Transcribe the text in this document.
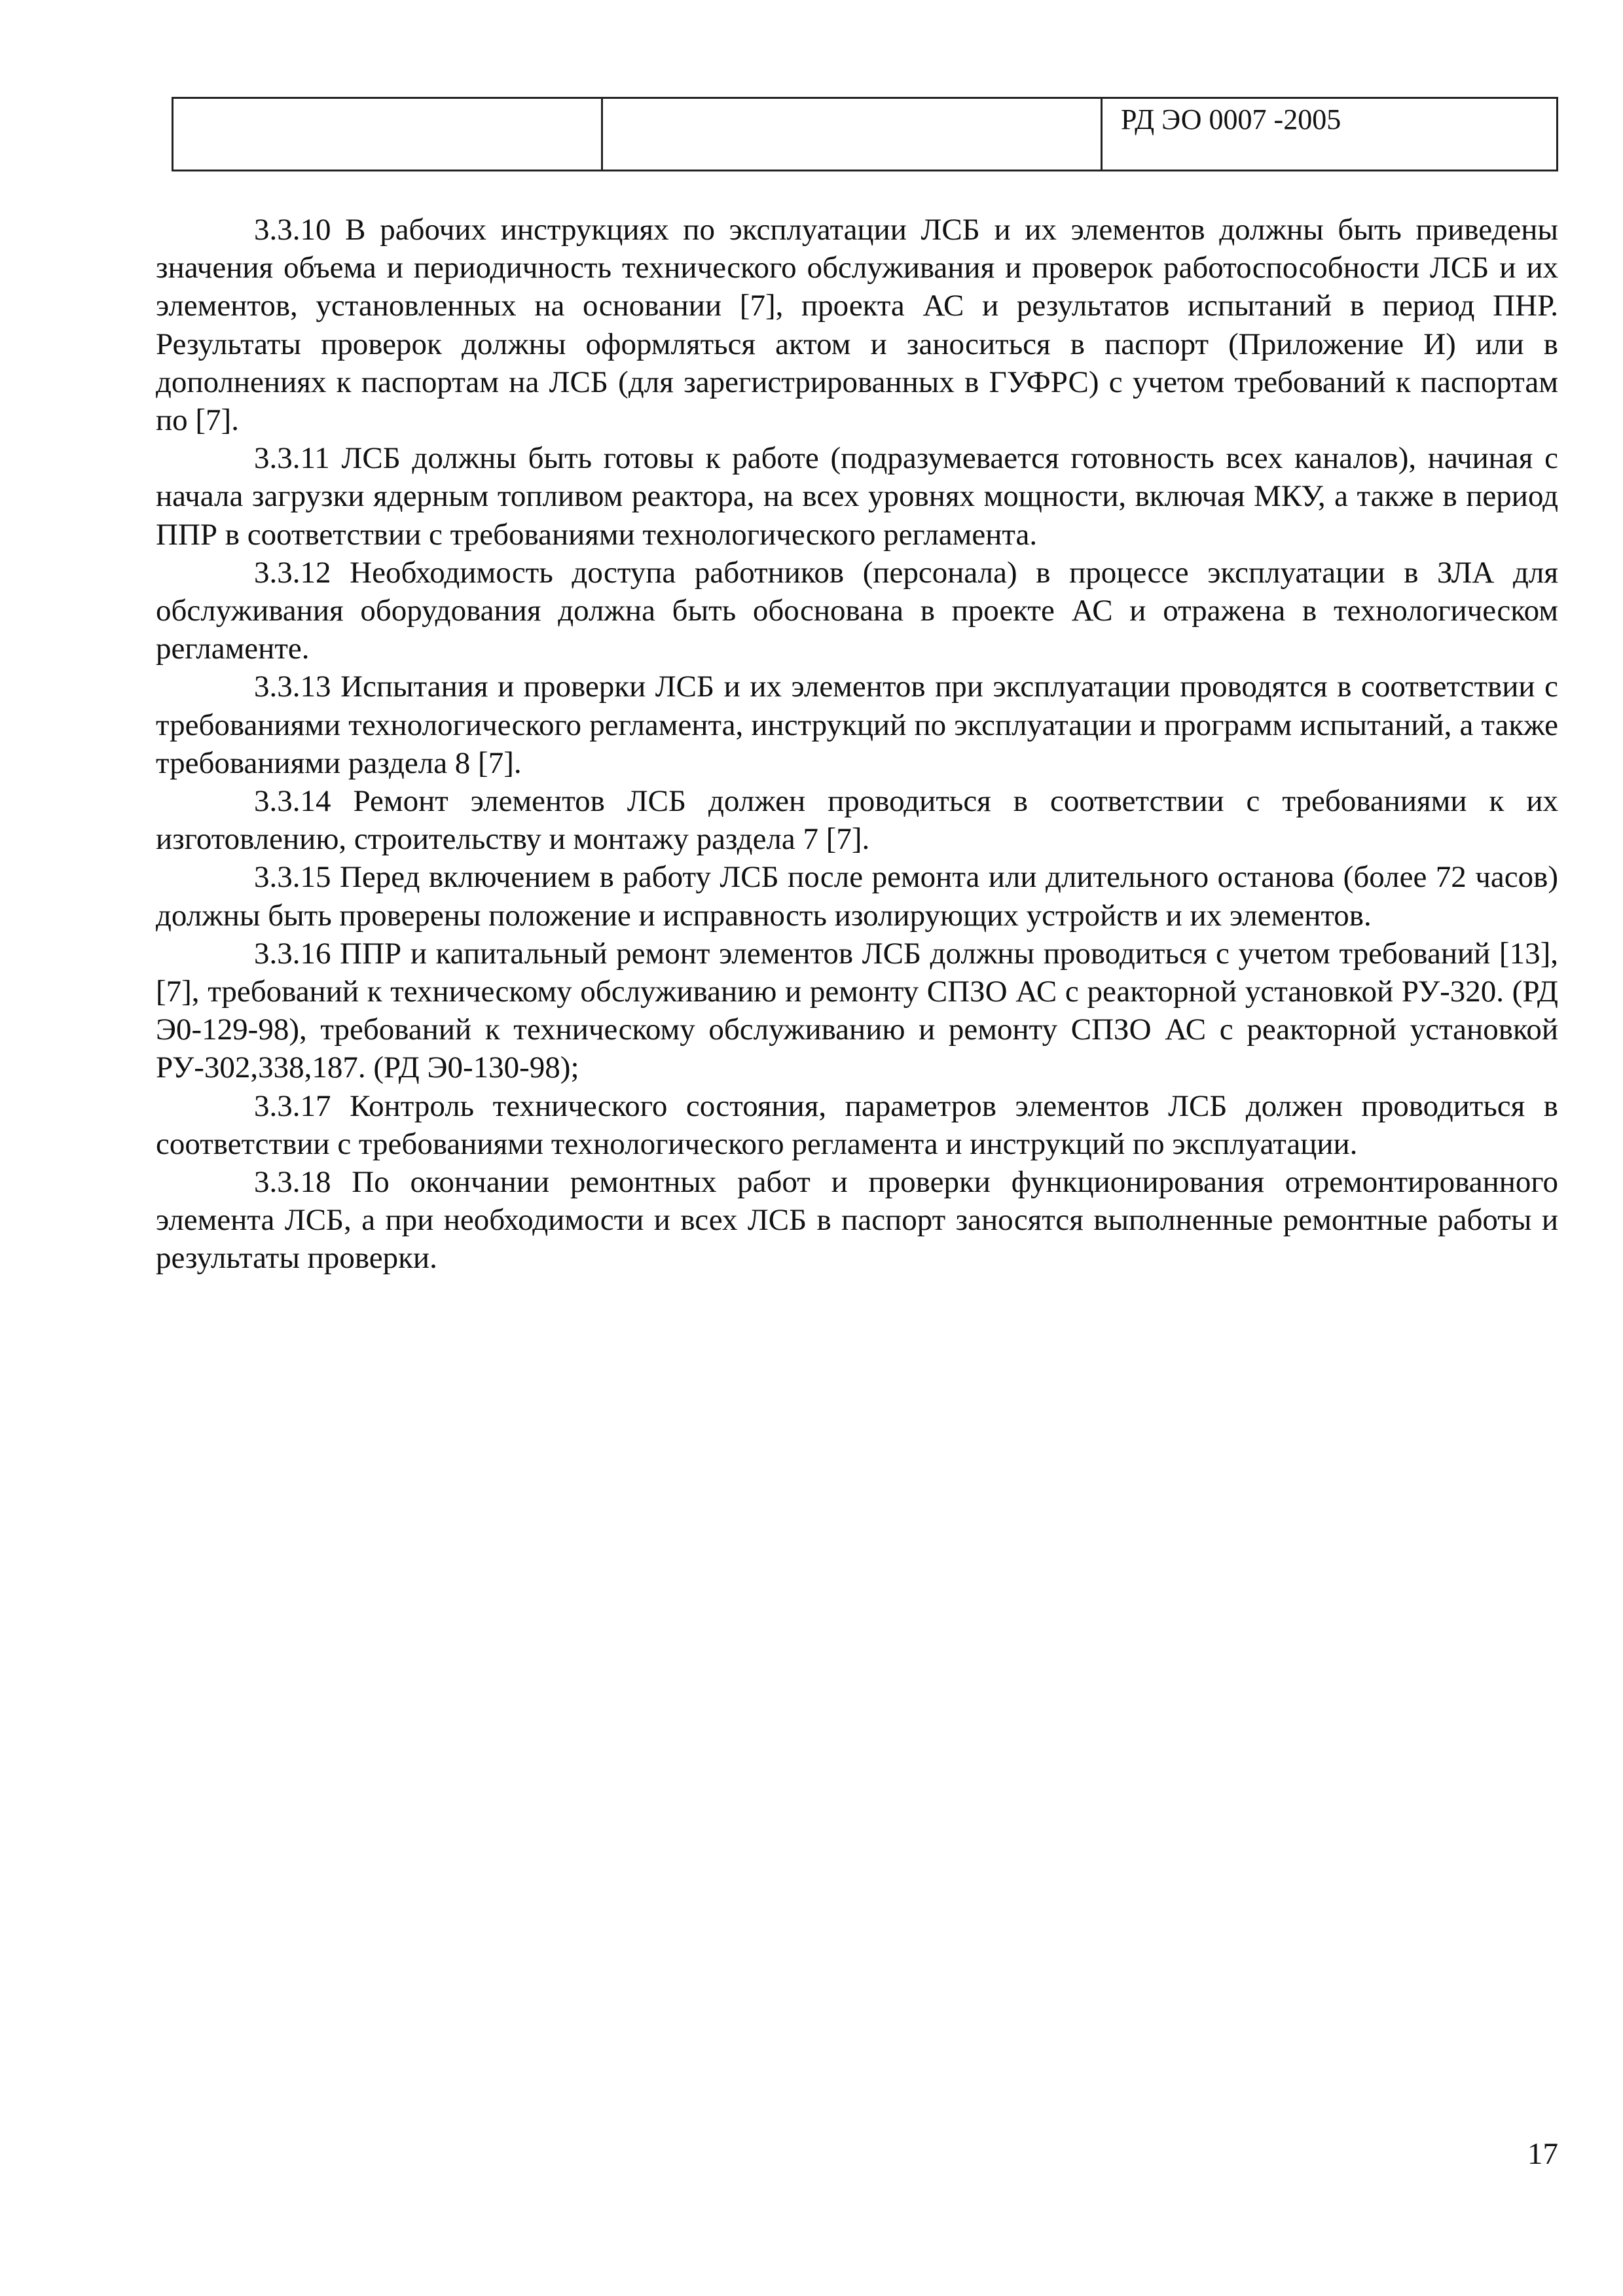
		РД ЭО 0007 -2005

3.3.10 В рабочих инструкциях по эксплуатации ЛСБ и их элементов должны быть приведены значения объема и периодичность технического обслуживания и проверок работоспособности ЛСБ и их элементов, установленных на основании [7], проекта АС и результатов испытаний в период ПНР. Результаты проверок должны оформляться актом и заноситься в паспорт (Приложение И) или в дополнениях к паспортам на ЛСБ (для зарегистрированных в ГУФРС) с учетом требований к паспортам по [7].

3.3.11 ЛСБ должны быть готовы к работе (подразумевается готовность всех каналов), начиная с начала загрузки ядерным топливом реактора, на всех уровнях мощности, включая МКУ, а также в период ППР в соответствии с требованиями технологического регламента.

3.3.12 Необходимость доступа работников (персонала) в процессе эксплуатации в ЗЛА для обслуживания оборудования должна быть обоснована в проекте АС и отражена в технологическом регламенте.

3.3.13 Испытания и проверки ЛСБ и их элементов при эксплуатации проводятся в соответствии с требованиями технологического регламента, инструкций по эксплуатации и программ испытаний, а также требованиями раздела 8 [7].

3.3.14 Ремонт элементов ЛСБ должен проводиться в соответствии с требованиями к их изготовлению, строительству и монтажу раздела 7 [7].

3.3.15 Перед включением в работу ЛСБ после ремонта или длительного останова (более 72 часов) должны быть проверены положение и исправность изолирующих устройств и их элементов.

3.3.16 ППР и капитальный ремонт элементов ЛСБ должны проводиться с учетом требований [13], [7], требований к техническому обслуживанию и ремонту СПЗО АС с реакторной установкой РУ-320. (РД Э0-129-98), требований к техническому обслуживанию и ремонту СПЗО АС с реакторной установкой РУ-302,338,187. (РД Э0-130-98);

3.3.17 Контроль технического состояния, параметров элементов ЛСБ должен проводиться в соответствии с требованиями технологического регламента и инструкций по эксплуатации.

3.3.18 По окончании ремонтных работ и проверки функционирования отремонтированного элемента ЛСБ, а при необходимости и всех ЛСБ в паспорт заносятся выполненные ремонтные работы и результаты проверки.

17
